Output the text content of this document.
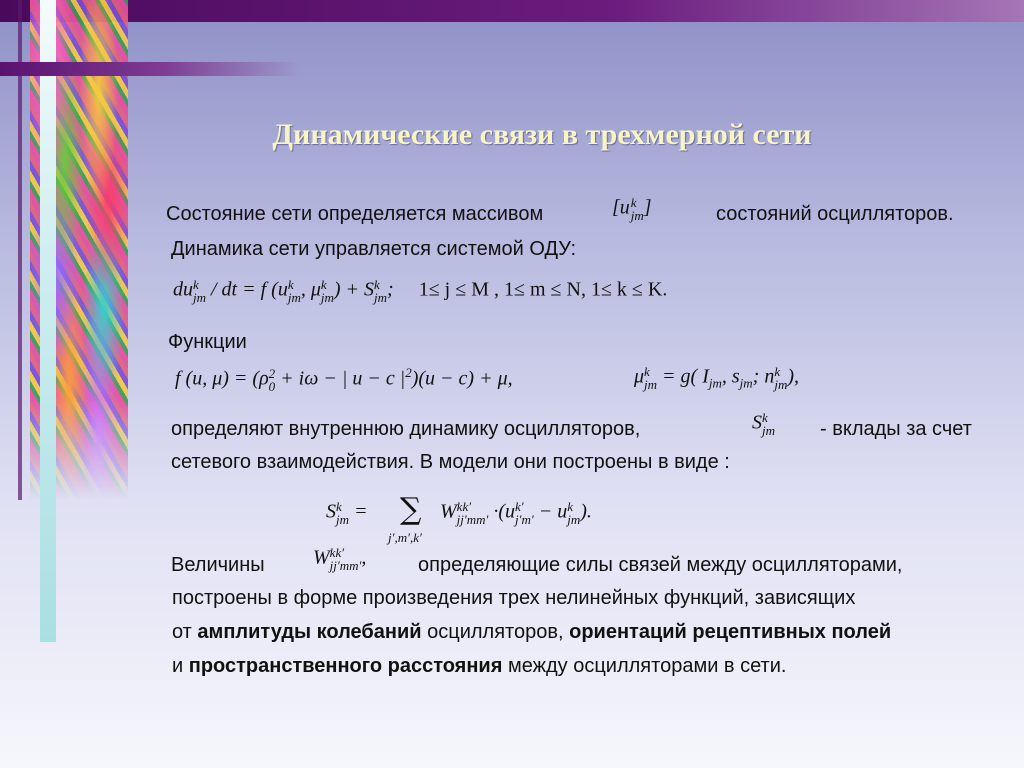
Динамические связи в трехмерной сети
Состояние сети определяется массивом	[u k
jm ]	состояний осцилляторов.
Динамика сети управляется системой ОДУ:
du k
jm / dt = f (u k
jm , μ k
jm ) + S k
jm ;     1≤ j ≤ M , 1≤ m ≤ N, 1≤ k ≤ K.
Функции
f (u, μ) = (ρ 2
0 + iω − | u − c $|^2)(u - c) + \mu$,	μ k
jm = g( $I_{jm}$, $s_{jm}$; n k
jm ),
определяют внутреннюю динамику осцилляторов,	S k
jm - вклады за счет
сетевого взаимодействия. В модели они построены в виде :
S k
jm = ∑
j′,m′,k′
W kk′
jj′mm′ ·(u k′
j′m′ − u k
jm ).
Величины W kk′
jj′mm′ ,	определяющие силы связей между осцилляторами,
построены в форме произведения трех нелинейных функций, зависящих
от амплитуды колебаний осцилляторов, ориентаций рецептивных полей
и пространственного расстояния между осцилляторами в сети.
